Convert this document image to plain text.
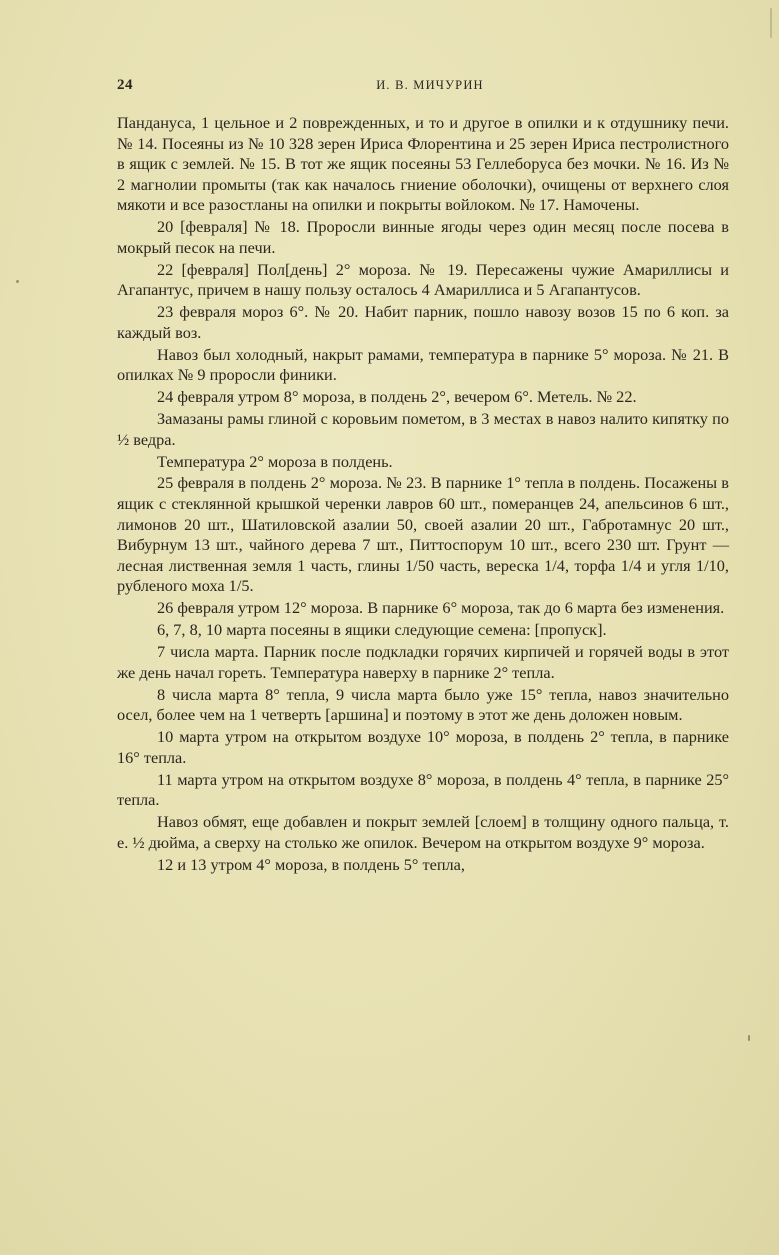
24	И. В. МИЧУРИН

Панданyса, 1 цельное и 2 поврежденных, и то и другое в опилки и к отдушнику печи. № 14. Посеяны из № 10 328 зерен Ириса Флорентина и 25 зерен Ириса пестролистного в ящик с землей. № 15. В тот же ящик посеяны 53 Геллеборуса без мочки. № 16. Из № 2 магнолии промыты (так как началось гниение оболочки), очищены от верхнего слоя мякоти и все разостланы на опилки и покрыты войлоком. № 17. Намочены.

20 [февраля] № 18. Проросли винные ягоды через один месяц после посева в мокрый песок на печи.

22 [февраля] Пол[день] 2° мороза. № 19. Пересажены чужие Амариллисы и Агапантус, причем в нашу пользу осталось 4 Амариллиса и 5 Агапантусов.

23 февраля мороз 6°. № 20. Набит парник, пошло навозу возов 15 по 6 коп. за каждый воз.

Навоз был холодный, накрыт рамами, температура в парнике 5° мороза. № 21. В опилках № 9 проросли финики.

24 февраля утром 8° мороза, в полдень 2°, вечером 6°. Метель. № 22.

Замазаны рамы глиной с коровьим пометом, в 3 местах в навоз налито кипятку по ½ ведра.

Температура 2° мороза в полдень.

25 февраля в полдень 2° мороза. № 23. В парнике 1° тепла в полдень. Посажены в ящик с стеклянной крышкой черенки лавров 60 шт., померанцев 24, апельсинов 6 шт., лимонов 20 шт., Шатиловской азалии 50, своей азалии 20 шт., Габротамнус 20 шт., Вибурнум 13 шт., чайного дерева 7 шт., Питтоспорум 10 шт., всего 230 шт. Грунт — лесная лиственная земля 1 часть, глины 1/50 часть, вереска 1/4, торфа 1/4 и угля 1/10, рубленого моха 1/5.

26 февраля утром 12° мороза. В парнике 6° мороза, так до 6 марта без изменения.

6, 7, 8, 10 марта посеяны в ящики следующие семена: [пропуск].

7 числа марта. Парник после подкладки горячих кирпичей и горячей воды в этот же день начал гореть. Температура наверху в парнике 2° тепла.

8 числа марта 8° тепла, 9 числа марта было уже 15° тепла, навоз значительно осел, более чем на 1 четверть [аршина] и поэтому в этот же день доложен новым.

10 марта утром на открытом воздухе 10° мороза, в полдень 2° тепла, в парнике 16° тепла.

11 марта утром на открытом воздухе 8° мороза, в полдень 4° тепла, в парнике 25° тепла.

Навоз обмят, еще добавлен и покрыт землей [слоем] в толщину одного пальца, т. е. ½ дюйма, а сверху на столько же опилок. Вечером на открытом воздухе 9° мороза.

12 и 13 утром 4° мороза, в полдень 5° тепла,
